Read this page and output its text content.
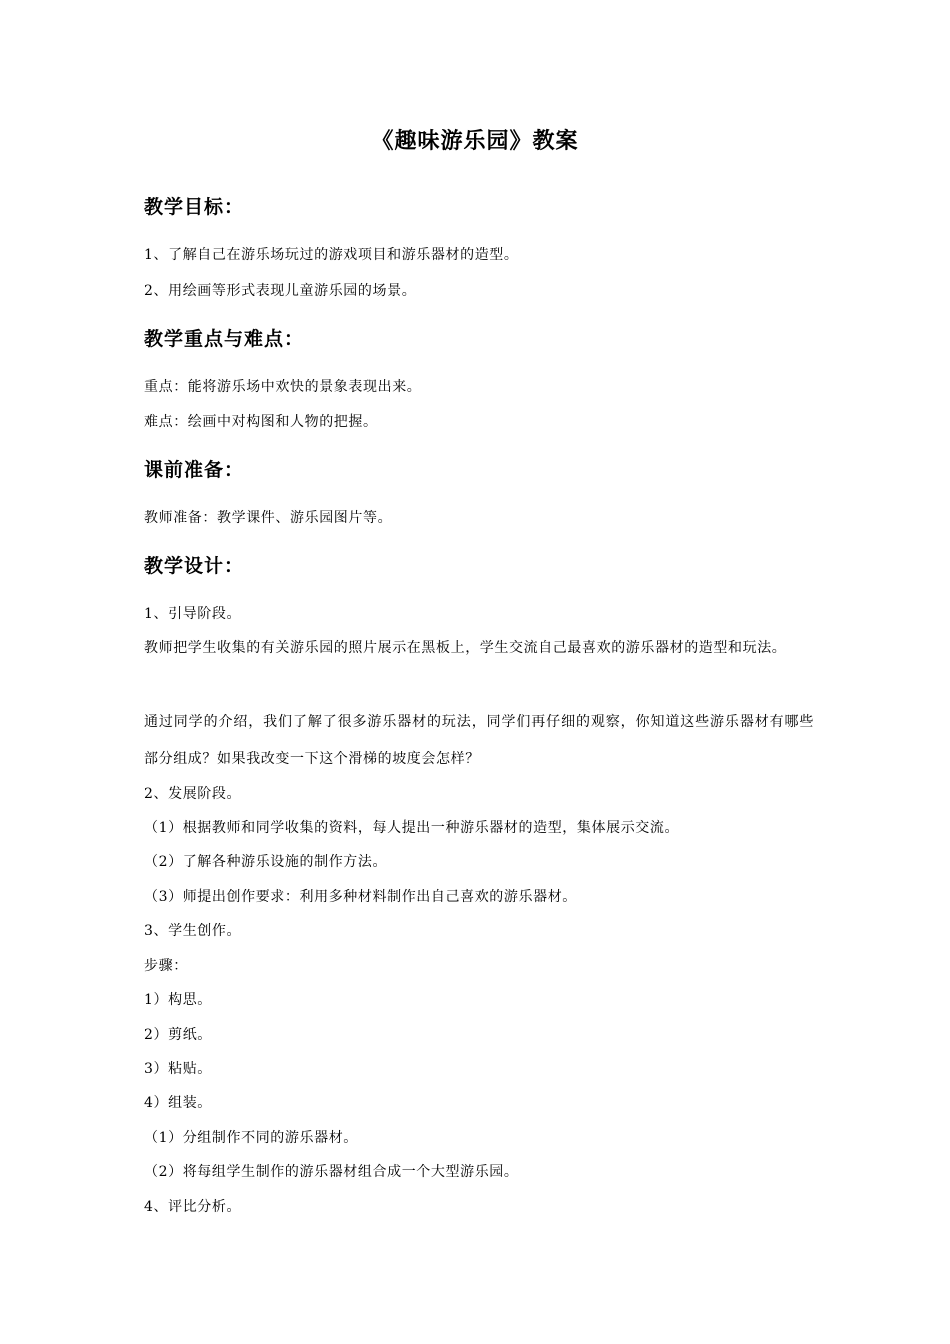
《趣味游乐园》教案
教学目标：
1、了解自己在游乐场玩过的游戏项目和游乐器材的造型。
2、用绘画等形式表现儿童游乐园的场景。
教学重点与难点：
重点：能将游乐场中欢快的景象表现出来。
难点：绘画中对构图和人物的把握。
课前准备：
教师准备：教学课件、游乐园图片等。
教学设计：
1、引导阶段。
教师把学生收集的有关游乐园的照片展示在黑板上，学生交流自己最喜欢的游乐器材的造型和玩法。
通过同学的介绍，我们了解了很多游乐器材的玩法，同学们再仔细的观察，你知道这些游乐器材有哪些部分组成？如果我改变一下这个滑梯的坡度会怎样？
2、发展阶段。
（1）根据教师和同学收集的资料，每人提出一种游乐器材的造型，集体展示交流。
（2）了解各种游乐设施的制作方法。
（3）师提出创作要求：利用多种材料制作出自己喜欢的游乐器材。
3、学生创作。
步骤：
1）构思。
2）剪纸。
3）粘贴。
4）组装。
（1）分组制作不同的游乐器材。
（2）将每组学生制作的游乐器材组合成一个大型游乐园。
4、评比分析。
